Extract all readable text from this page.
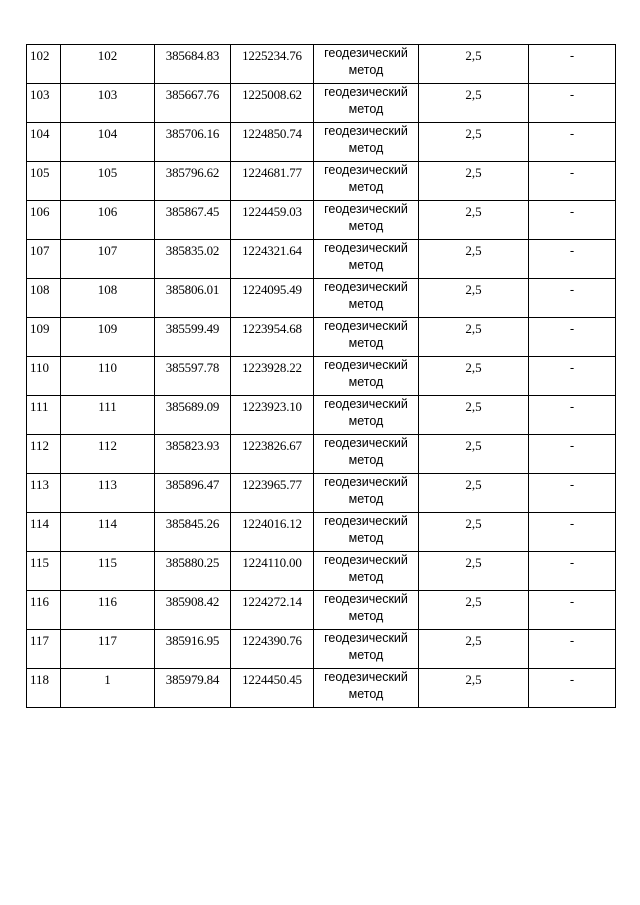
102	102	385684.83	1225234.76	геодезический
метод	2,5	-
103	103	385667.76	1225008.62	геодезический
метод	2,5	-
104	104	385706.16	1224850.74	геодезический
метод	2,5	-
105	105	385796.62	1224681.77	геодезический
метод	2,5	-
106	106	385867.45	1224459.03	геодезический
метод	2,5	-
107	107	385835.02	1224321.64	геодезический
метод	2,5	-
108	108	385806.01	1224095.49	геодезический
метод	2,5	-
109	109	385599.49	1223954.68	геодезический
метод	2,5	-
110	110	385597.78	1223928.22	геодезический
метод	2,5	-
111	111	385689.09	1223923.10	геодезический
метод	2,5	-
112	112	385823.93	1223826.67	геодезический
метод	2,5	-
113	113	385896.47	1223965.77	геодезический
метод	2,5	-
114	114	385845.26	1224016.12	геодезический
метод	2,5	-
115	115	385880.25	1224110.00	геодезический
метод	2,5	-
116	116	385908.42	1224272.14	геодезический
метод	2,5	-
117	117	385916.95	1224390.76	геодезический
метод	2,5	-
118	1	385979.84	1224450.45	геодезический
метод	2,5	-
